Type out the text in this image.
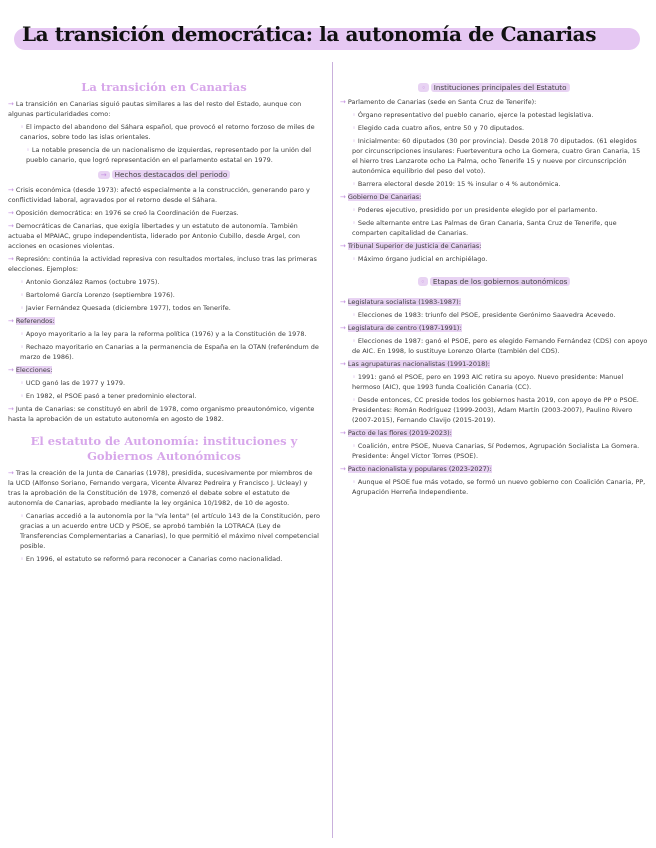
La transición democrática: la autonomía de Canarias
La transición en Canarias
→ La transición en Canarias siguió pautas similares a las del resto del Estado, aunque con algunas particularidades como:
◦ El impacto del abandono del Sáhara español, que provocó el retorno forzoso de miles de canarios, sobre todo las islas orientales.
◦ La notable presencia de un nacionalismo de izquierdas, representado por la unión del pueblo canario, que logró representación en el parlamento estatal en 1979.
→ Hechos destacados del periodo
→ Crisis económica (desde 1973): afectó especialmente a la construcción, generando paro y conflictividad laboral, agravados por el retorno desde el Sáhara.
→ Oposición democrática: en 1976 se creó la Coordinación de Fuerzas.
→ Democráticas de Canarias, que exigía libertades y un estatuto de autonomía. También actuaba el MPAIAC, grupo independentista, liderado por Antonio Cubillo, desde Argel, con acciones en ocasiones violentas.
→ Represión: continúa la actividad represiva con resultados mortales, incluso tras las primeras elecciones. Ejemplos:
◦ Antonio González Ramos (octubre 1975).
◦ Bartolomé García Lorenzo (septiembre 1976).
◦ Javier Fernández Quesada (diciembre 1977), todos en Tenerife.
→ Referendos:
◦ Apoyo mayoritario a la ley para la reforma política (1976) y a la Constitución de 1978.
◦ Rechazo mayoritario en Canarias a la permanencia de España en la OTAN (referéndum de marzo de 1986).
→ Elecciones:
◦ UCD ganó las de 1977 y 1979.
◦ En 1982, el PSOE pasó a tener predominio electoral.
→ Junta de Canarias: se constituyó en abril de 1978, como organismo preautonómico, vigente hasta la aprobación de un estatuto autonomía en agosto de 1982.
El estatuto de Autonomía: instituciones y Gobiernos Autonómicos
→ Tras la creación de la Junta de Canarias (1978), presidida, sucesivamente por miembros de la UCD (Alfonso Soriano, Fernando vergara, Vicente Álvarez Pedreira y Francisco J. Ucleay) y tras la aprobación de la Constitución de 1978, comenzó el debate sobre el estatuto de autonomía de Canarias, aprobado mediante la ley orgánica 10/1982, de 10 de agosto.
◦ Canarias accedió a la autonomía por la "vía lenta" (el artículo 143 de la Constitución, pero gracias a un acuerdo entre UCD y PSOE, se aprobó también la LOTRACA (Ley de Transferencias Complementarias a Canarias), lo que permitió el máximo nivel competencial posible.
◦ En 1996, el estatuto se reformó para reconocer a Canarias como nacionalidad.
◦ Instituciones principales del Estatuto
→ Parlamento de Canarias (sede en Santa Cruz de Tenerife):
◦ Órgano representativo del pueblo canario, ejerce la potestad legislativa.
◦ Elegido cada cuatro años, entre 50 y 70 diputados.
◦ Inicialmente: 60 diputados (30 por provincia). Desde 2018 70 diputados. (61 elegidos por circunscripciones insulares: Fuerteventura ocho La Gomera, cuatro Gran Canaria, 15 el hierro tres Lanzarote ocho La Palma, ocho Tenerife 15 y nueve por circunscripción autonómica equilibrio del peso del voto).
◦ Barrera electoral desde 2019: 15 % insular o 4 % autonómica.
→ Gobierno De Canarias:
◦ Poderes ejecutivo, presidido por un presidente elegido por el parlamento.
◦ Sede alternante entre Las Palmas de Gran Canaria, Santa Cruz de Tenerife, que comparten capitalidad de Canarias.
→ Tribunal Superior de Justicia de Canarias:
◦ Máximo órgano judicial en archipiélago.
◦ Etapas de los gobiernos autonómicos
→ Legislatura socialista (1983-1987):
◦ Elecciones de 1983: triunfo del PSOE, presidente Gerónimo Saavedra Acevedo.
→ Legislatura de centro (1987-1991):
◦ Elecciones de 1987: ganó el PSOE, pero es elegido Fernando Fernández (CDS) con apoyo de AIC. En 1998, lo sustituye Lorenzo Olarte (también del CDS).
→ Las agrupaturas nacionalistas (1991-2018):
◦ 1991: ganó el PSOE, pero en 1993 AIC retira su apoyo. Nuevo presidente: Manuel hermoso (AIC), que 1993 funda Coalición Canaria (CC).
◦ Desde entonces, CC preside todos los gobiernos hasta 2019, con apoyo de PP o PSOE. Presidentes: Román Rodríguez (1999-2003), Adam Martín (2003-2007), Paulino Rivero (2007-2015), Fernando Clavijo (2015-2019).
→ Pacto de las flores (2019-2023):
◦ Coalición, entre PSOE, Nueva Canarias, Sí Podemos, Agrupación Socialista La Gomera. Presidente: Ángel Víctor Torres (PSOE).
→ Pacto nacionalista y populares (2023-2027):
◦ Aunque el PSOE fue más votado, se formó un nuevo gobierno con Coalición Canaria, PP, Agrupación Herreña Independiente.
